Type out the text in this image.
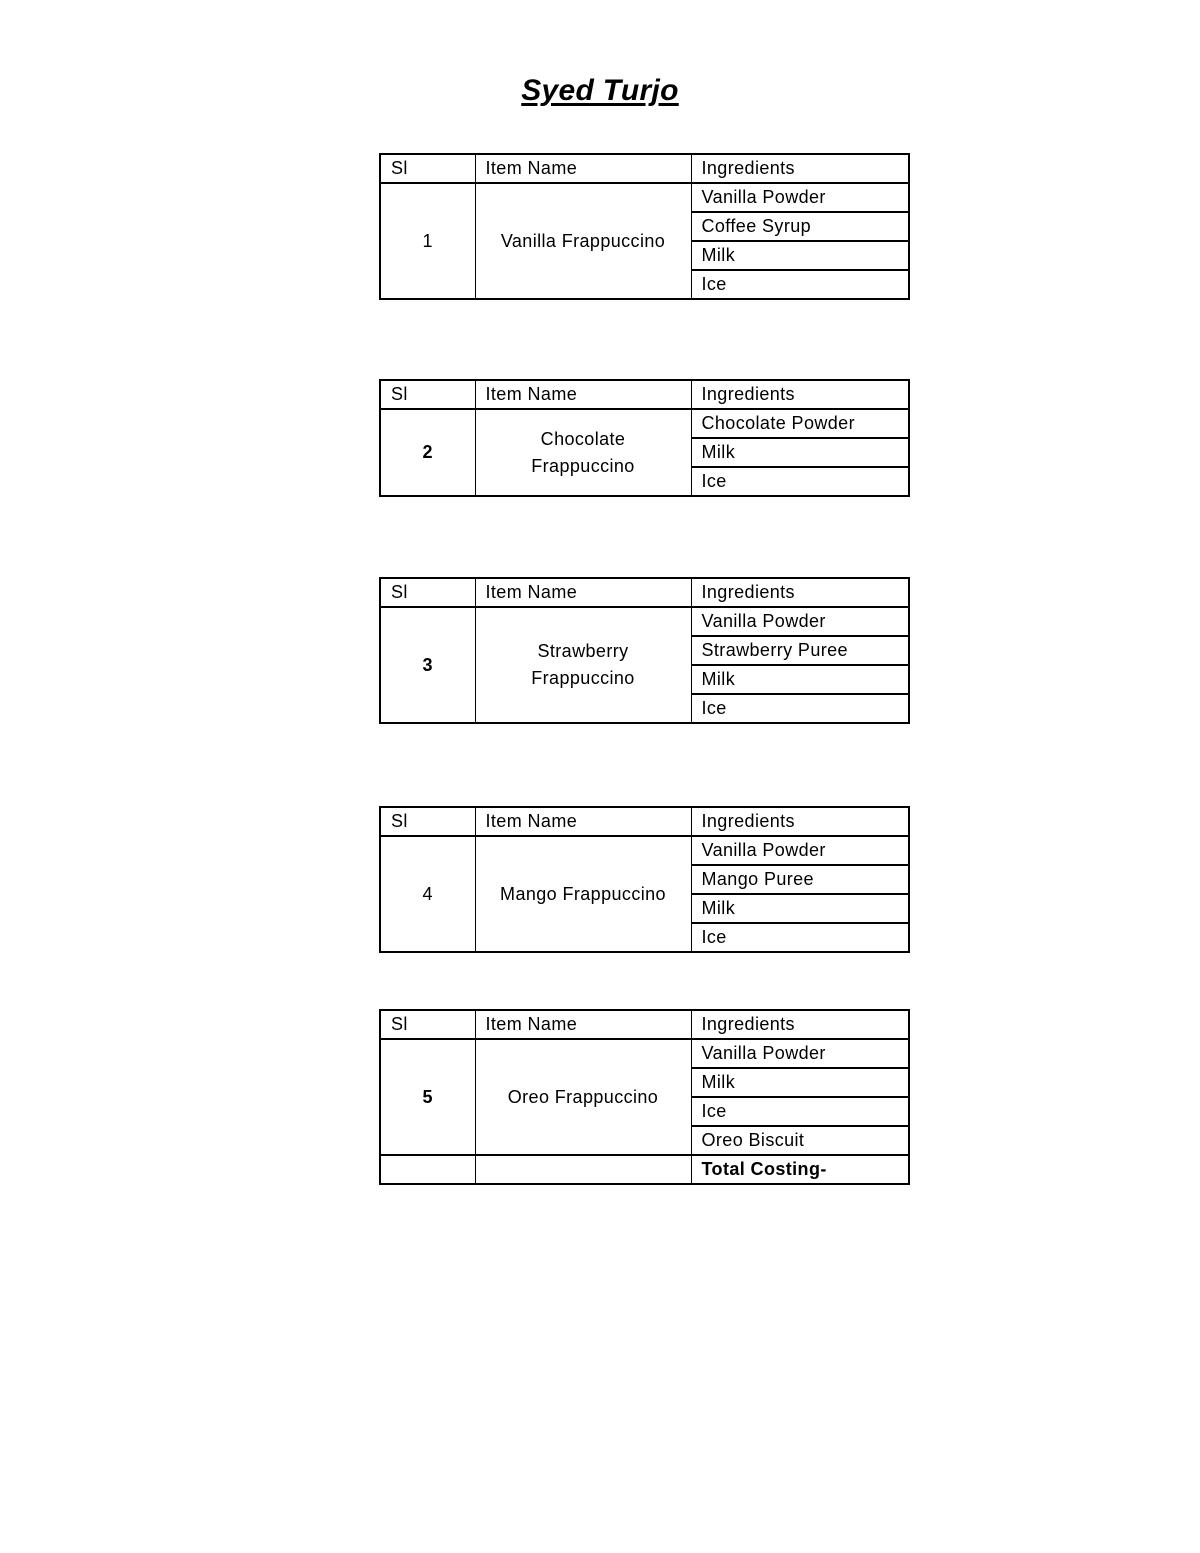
Syed Turjo
Sl	Item Name	Ingredients
1	Vanilla Frappuccino	Vanilla Powder
		Coffee Syrup
		Milk
		Ice
Sl	Item Name	Ingredients
2	Chocolate Frappuccino	Chocolate Powder
		Milk
		Ice
Sl	Item Name	Ingredients
3	Strawberry Frappuccino	Vanilla Powder
		Strawberry Puree
		Milk
		Ice
Sl	Item Name	Ingredients
4	Mango Frappuccino	Vanilla Powder
		Mango Puree
		Milk
		Ice
Sl	Item Name	Ingredients
5	Oreo Frappuccino	Vanilla Powder
		Milk
		Ice
		Oreo Biscuit
		Total Costing-
